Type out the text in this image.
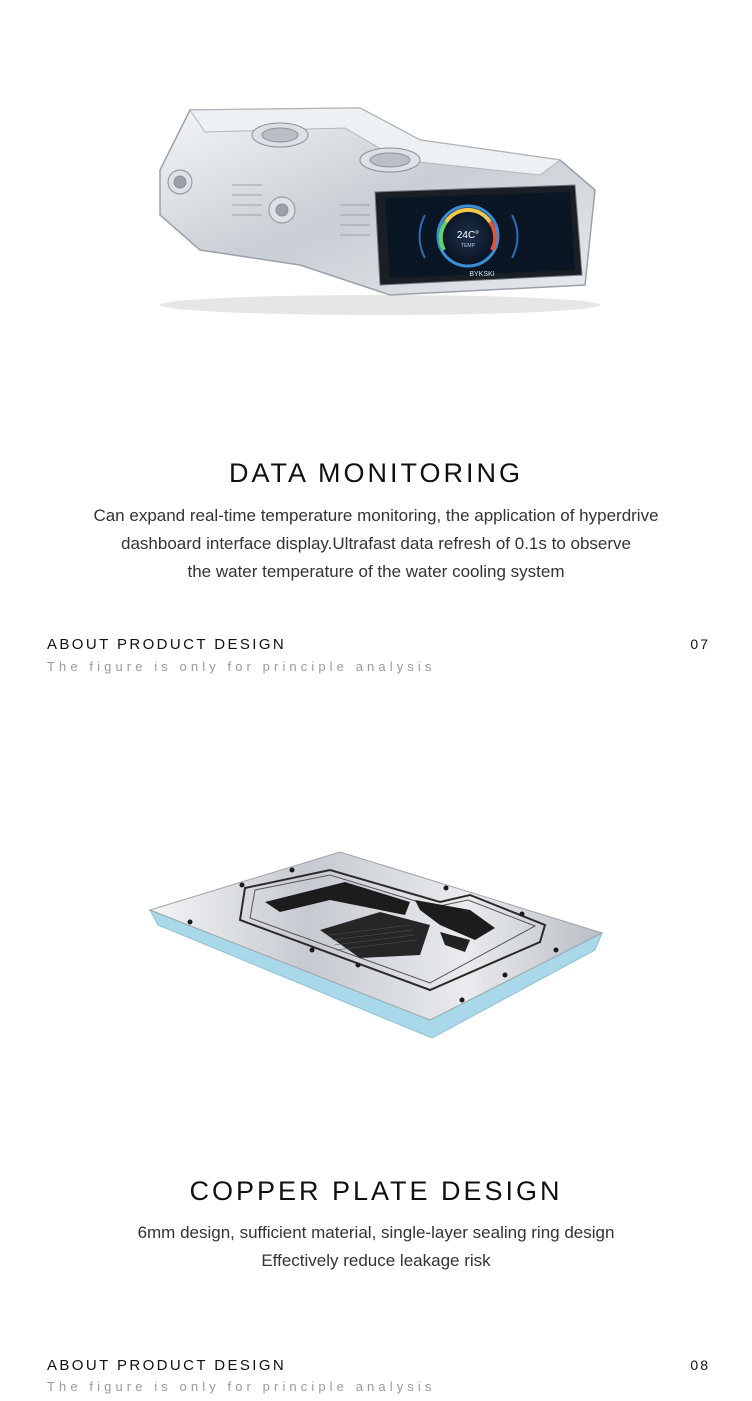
24C°
TEMP
BYKSKI
DATA MONITORING
Can expand real-time temperature monitoring, the application of hyperdrive
dashboard interface display.Ultrafast data refresh of 0.1s to observe
the water temperature of the water cooling system
ABOUT PRODUCT DESIGN
The figure is only for principle analysis
07
COPPER PLATE DESIGN
6mm design, sufficient material, single-layer sealing ring design
Effectively reduce leakage risk
ABOUT PRODUCT DESIGN
The figure is only for principle analysis
08
